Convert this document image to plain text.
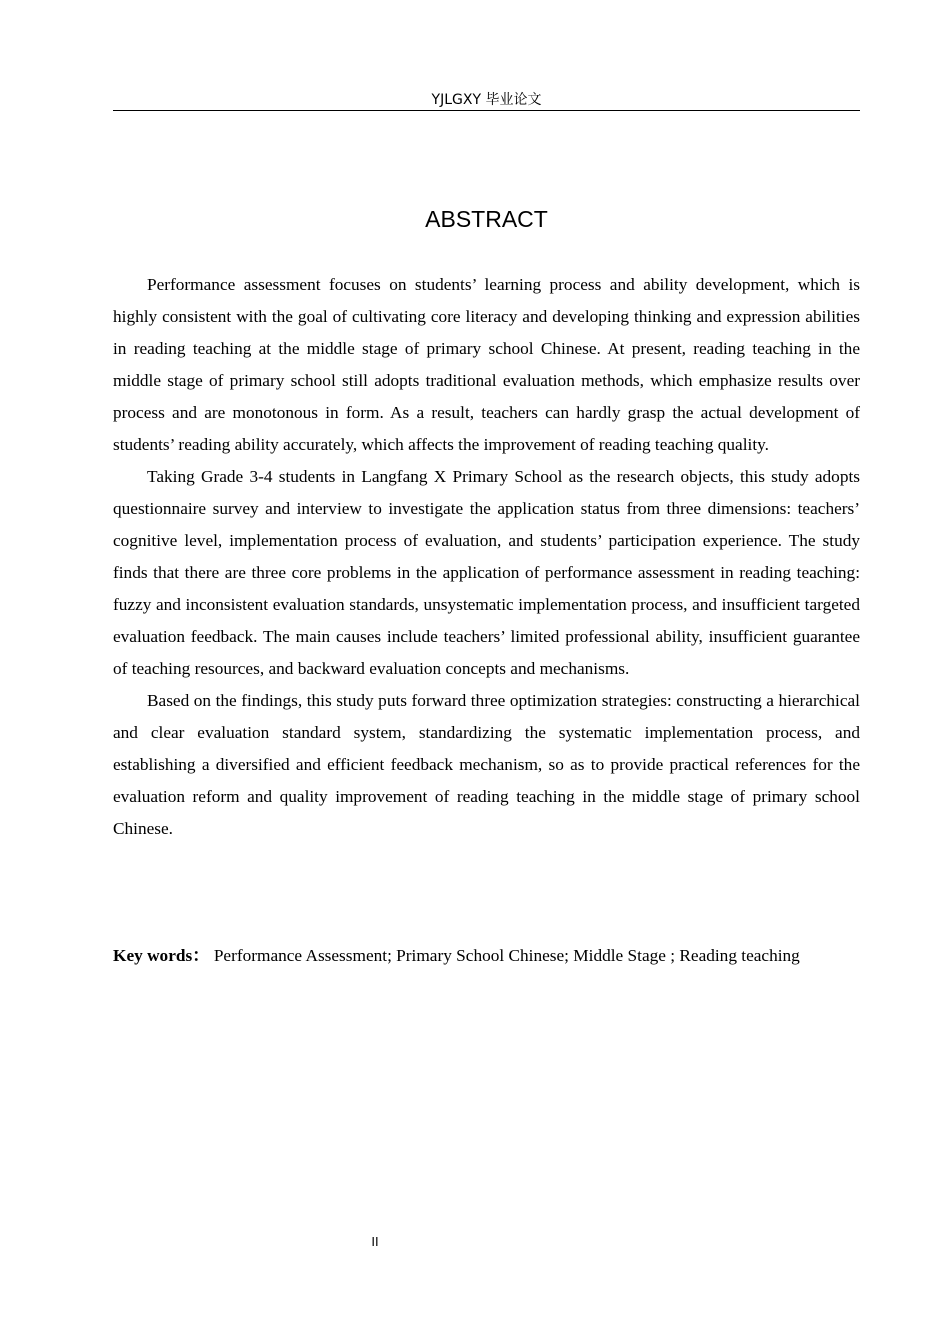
YJLGXY 毕业论文
ABSTRACT

Performance assessment focuses on students’ learning process and ability development, which is highly consistent with the goal of cultivating core literacy and developing thinking and expression abilities in reading teaching at the middle stage of primary school Chinese. At present, reading teaching in the middle stage of primary school still adopts traditional evaluation methods, which emphasize results over process and are monotonous in form. As a result, teachers can hardly grasp the actual development of students’ reading ability accurately, which affects the improvement of reading teaching quality.

Taking Grade 3-4 students in Langfang X Primary School as the research objects, this study adopts questionnaire survey and interview to investigate the application status from three dimensions: teachers’ cognitive level, implementation process of evaluation, and students’ participation experience. The study finds that there are three core problems in the application of performance assessment in reading teaching: fuzzy and inconsistent evaluation standards, unsystematic implementation process, and insufficient targeted evaluation feedback. The main causes include teachers’ limited professional ability, insufficient guarantee of teaching resources, and backward evaluation concepts and mechanisms.

Based on the findings, this study puts forward three optimization strategies: constructing a hierarchical and clear evaluation standard system, standardizing the systematic implementation process, and establishing a diversified and efficient feedback mechanism, so as to provide practical references for the evaluation reform and quality improvement of reading teaching in the middle stage of primary school Chinese.

Key words： Performance Assessment; Primary School Chinese; Middle Stage ; Reading teaching
II
